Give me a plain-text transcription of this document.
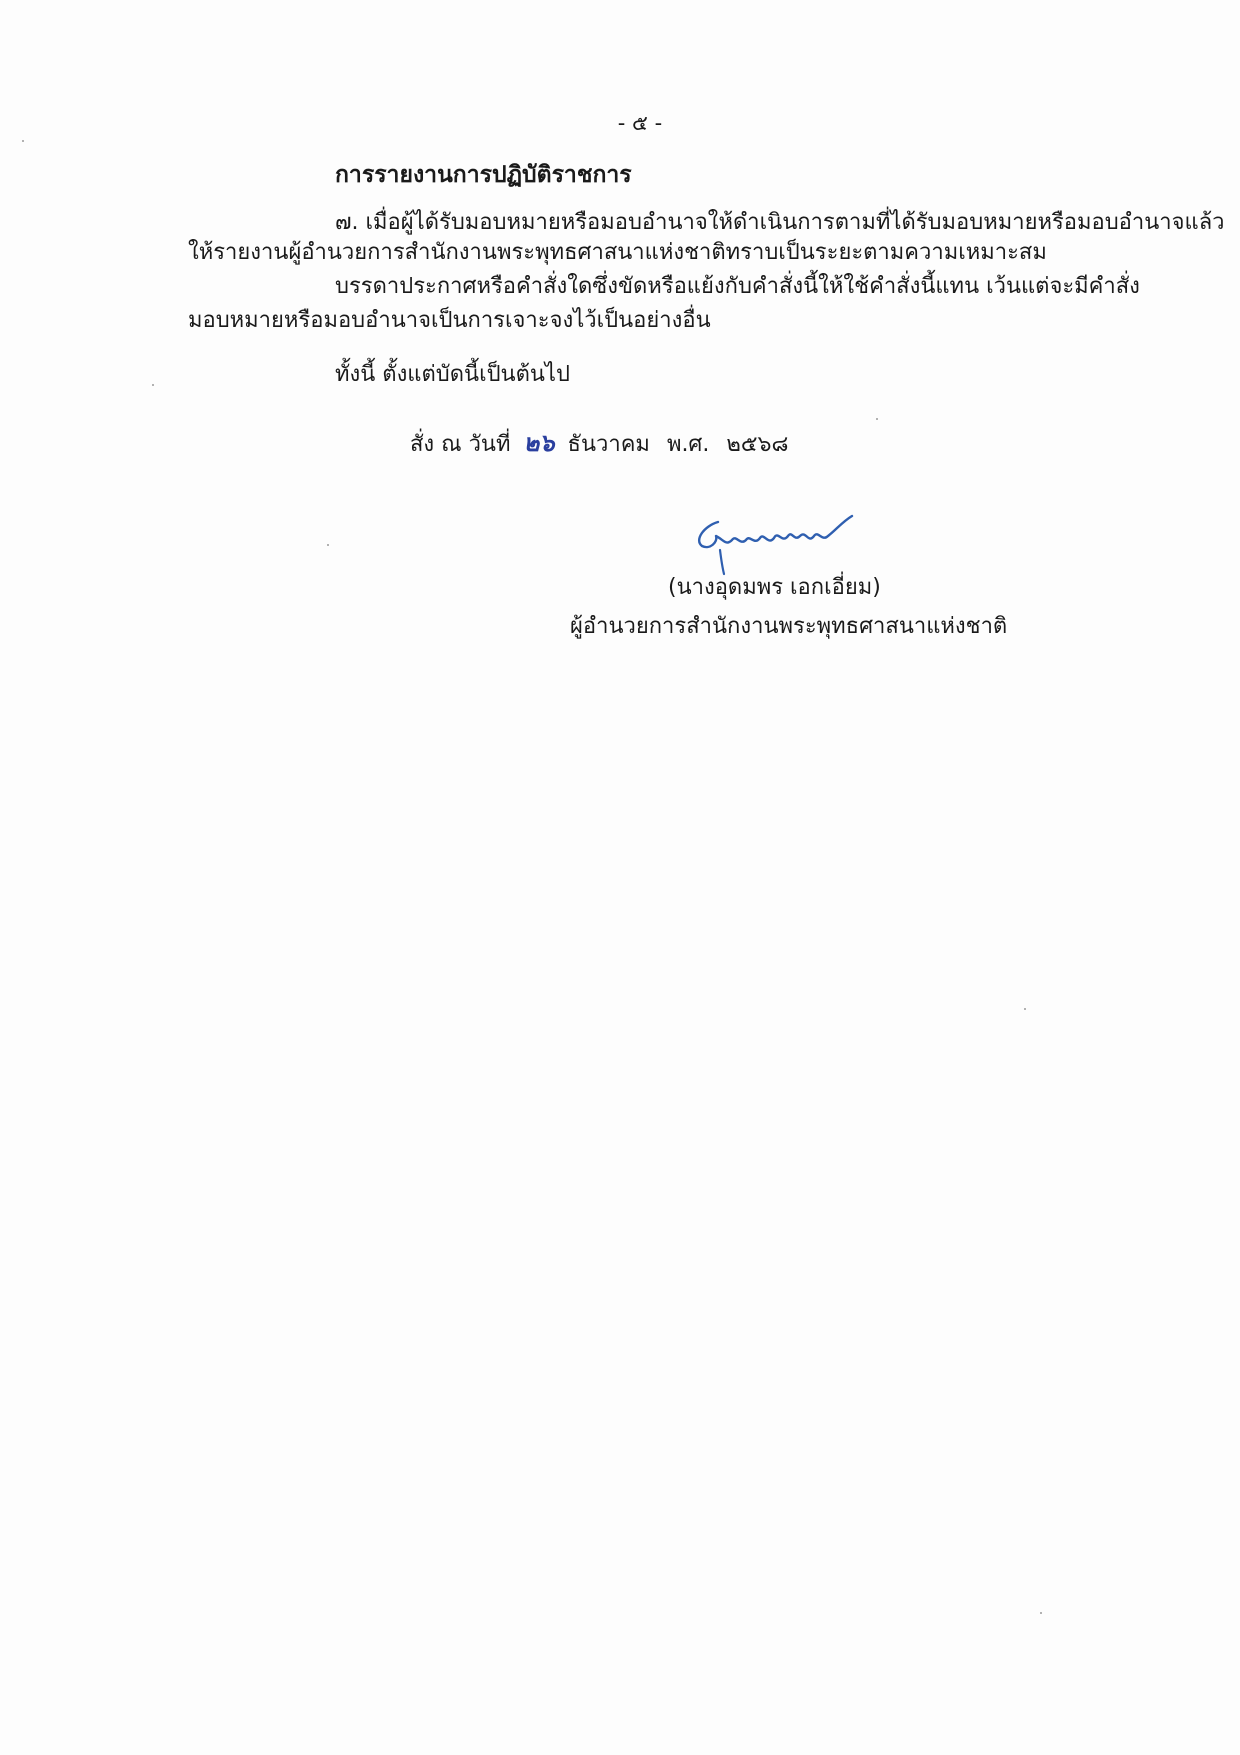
- ๕ -
การรายงานการปฏิบัติราชการ
๗. เมื่อผู้ได้รับมอบหมายหรือมอบอำนาจให้ดำเนินการตามที่ได้รับมอบหมายหรือมอบอำนาจแล้ว
ให้รายงานผู้อำนวยการสำนักงานพระพุทธศาสนาแห่งชาติทราบเป็นระยะตามความเหมาะสม
บรรดาประกาศหรือคำสั่งใดซึ่งขัดหรือแย้งกับคำสั่งนี้ให้ใช้คำสั่งนี้แทน เว้นแต่จะมีคำสั่ง
มอบหมายหรือมอบอำนาจเป็นการเจาะจงไว้เป็นอย่างอื่น
ทั้งนี้ ตั้งแต่บัดนี้เป็นต้นไป
สั่ง ณ วันที่ ๒๖ ธันวาคม พ.ศ. ๒๕๖๘
(นางอุดมพร เอกเอี่ยม)
ผู้อำนวยการสำนักงานพระพุทธศาสนาแห่งชาติ
